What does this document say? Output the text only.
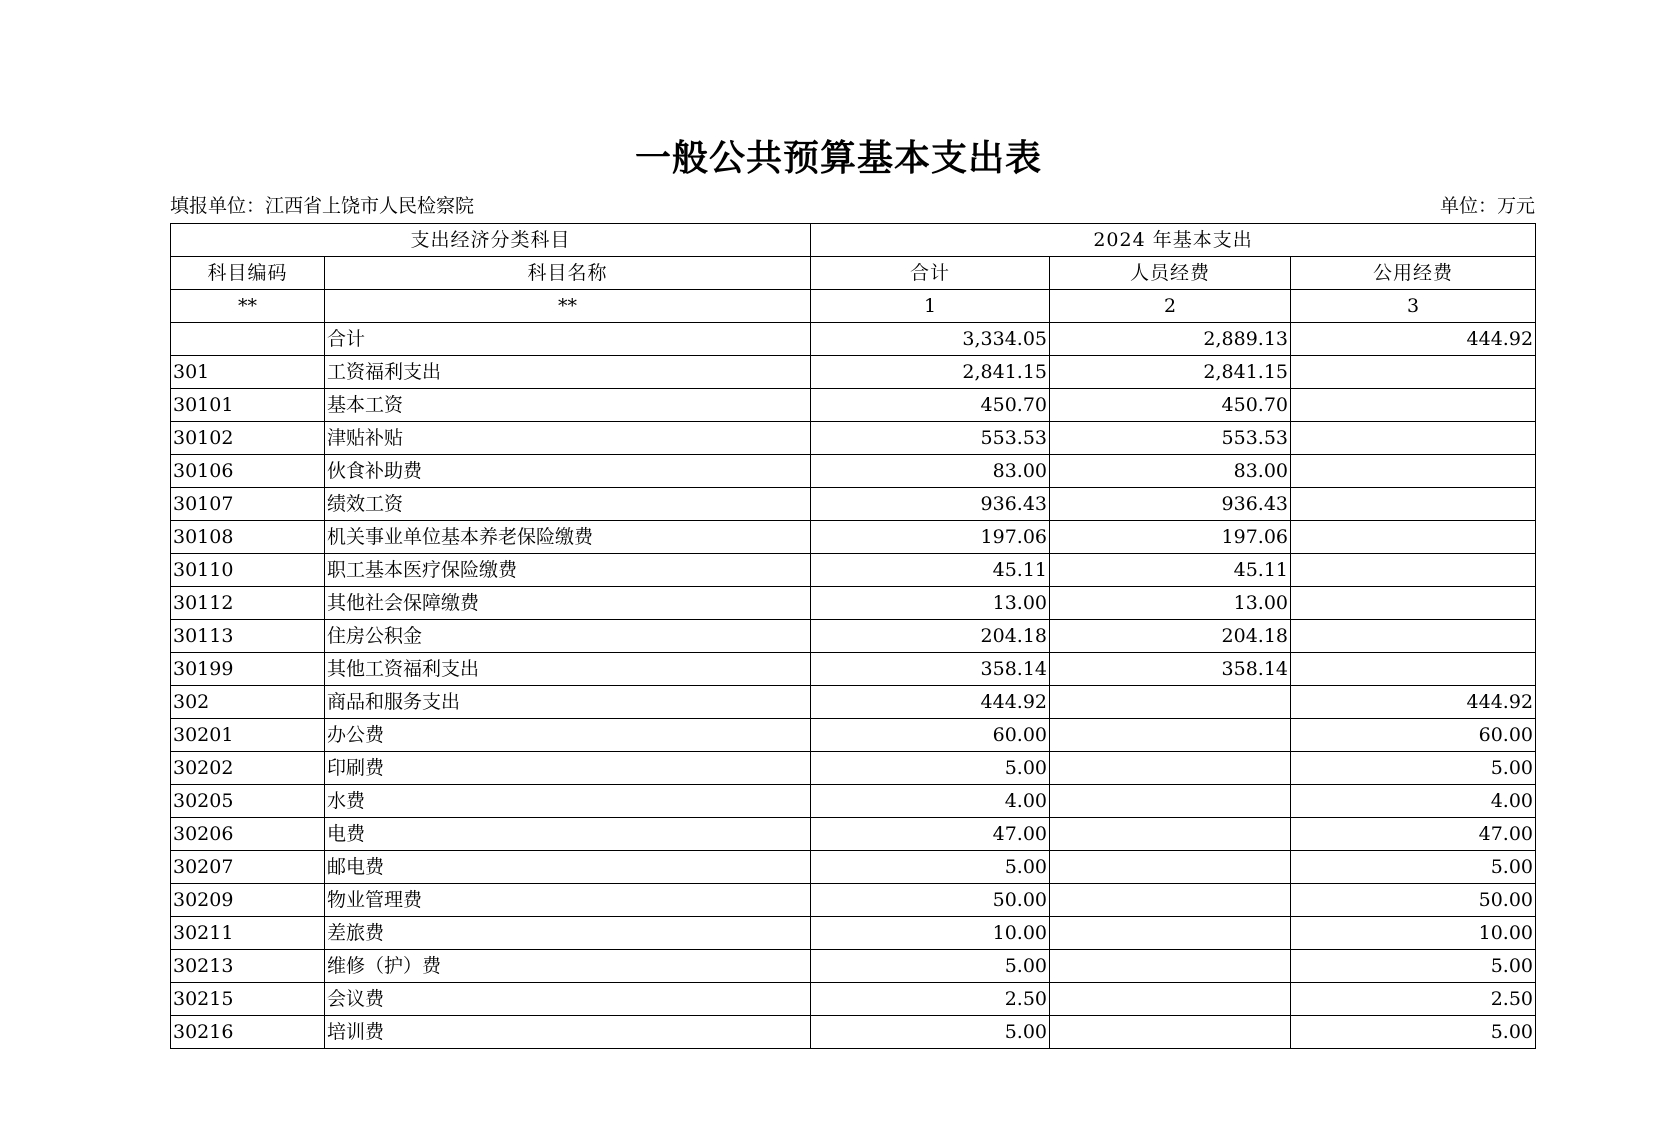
一般公共预算基本支出表
填报单位：江西省上饶市人民检察院	单位：万元
支出经济分类科目		2024 年基本支出		
科目编码	科目名称	合计	人员经费	公用经费
**	**	1	2	3
	合计	3,334.05	2,889.13	444.92
301	工资福利支出	2,841.15	2,841.15	
30101	基本工资	450.70	450.70	
30102	津贴补贴	553.53	553.53	
30106	伙食补助费	83.00	83.00	
30107	绩效工资	936.43	936.43	
30108	机关事业单位基本养老保险缴费	197.06	197.06	
30110	职工基本医疗保险缴费	45.11	45.11	
30112	其他社会保障缴费	13.00	13.00	
30113	住房公积金	204.18	204.18	
30199	其他工资福利支出	358.14	358.14	
302	商品和服务支出	444.92		444.92
30201	办公费	60.00		60.00
30202	印刷费	5.00		5.00
30205	水费	4.00		4.00
30206	电费	47.00		47.00
30207	邮电费	5.00		5.00
30209	物业管理费	50.00		50.00
30211	差旅费	10.00		10.00
30213	维修（护）费	5.00		5.00
30215	会议费	2.50		2.50
30216	培训费	5.00		5.00
